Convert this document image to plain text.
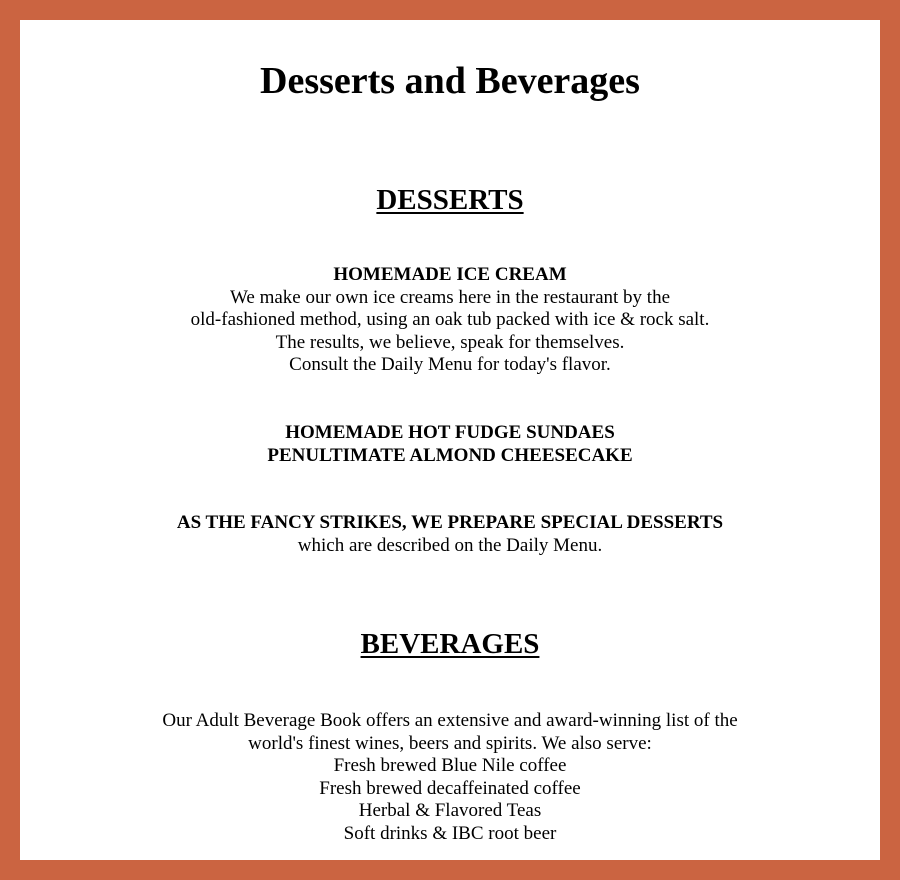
Desserts and Beverages
DESSERTS

HOMEMADE ICE CREAM

We make our own ice creams here in the restaurant by the

old-fashioned method, using an oak tub packed with ice & rock salt.

The results, we believe, speak for themselves.

Consult the Daily Menu for today's flavor.

HOMEMADE HOT FUDGE SUNDAES

PENULTIMATE ALMOND CHEESECAKE

AS THE FANCY STRIKES, WE PREPARE SPECIAL DESSERTS

which are described on the Daily Menu.

BEVERAGES

Our Adult Beverage Book offers an extensive and award-winning list of the

world's finest wines, beers and spirits. We also serve:

Fresh brewed Blue Nile coffee

Fresh brewed decaffeinated coffee

Herbal & Flavored Teas

Soft drinks & IBC root beer
